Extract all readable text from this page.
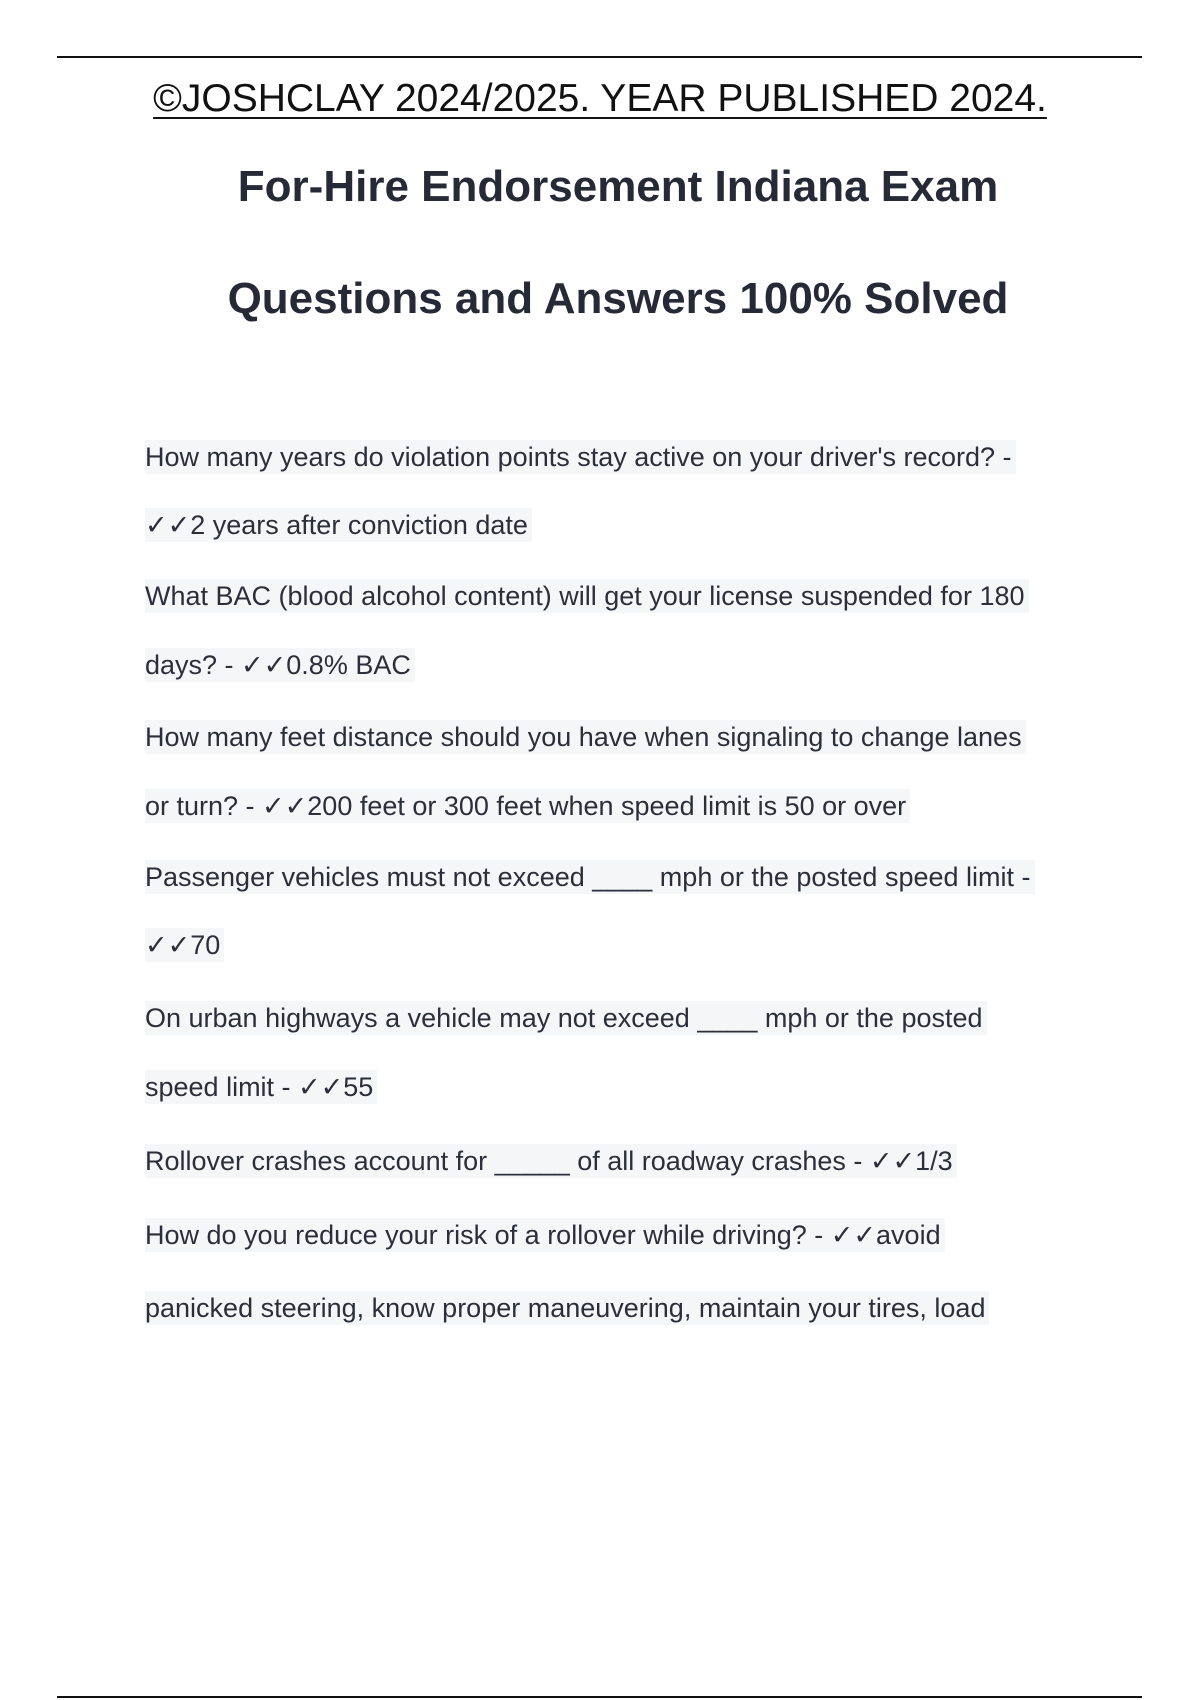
©JOSHCLAY 2024/2025. YEAR PUBLISHED 2024.
For-Hire Endorsement Indiana Exam
Questions and Answers 100% Solved
How many years do violation points stay active on your driver's record? -
✓✓2 years after conviction date
What BAC (blood alcohol content) will get your license suspended for 180
days? - ✓✓0.8% BAC
How many feet distance should you have when signaling to change lanes
or turn? - ✓✓200 feet or 300 feet when speed limit is 50 or over
Passenger vehicles must not exceed ____ mph or the posted speed limit -
✓✓70
On urban highways a vehicle may not exceed ____ mph or the posted
speed limit - ✓✓55
Rollover crashes account for _____ of all roadway crashes - ✓✓1/3
How do you reduce your risk of a rollover while driving? - ✓✓avoid
panicked steering, know proper maneuvering, maintain your tires, load
